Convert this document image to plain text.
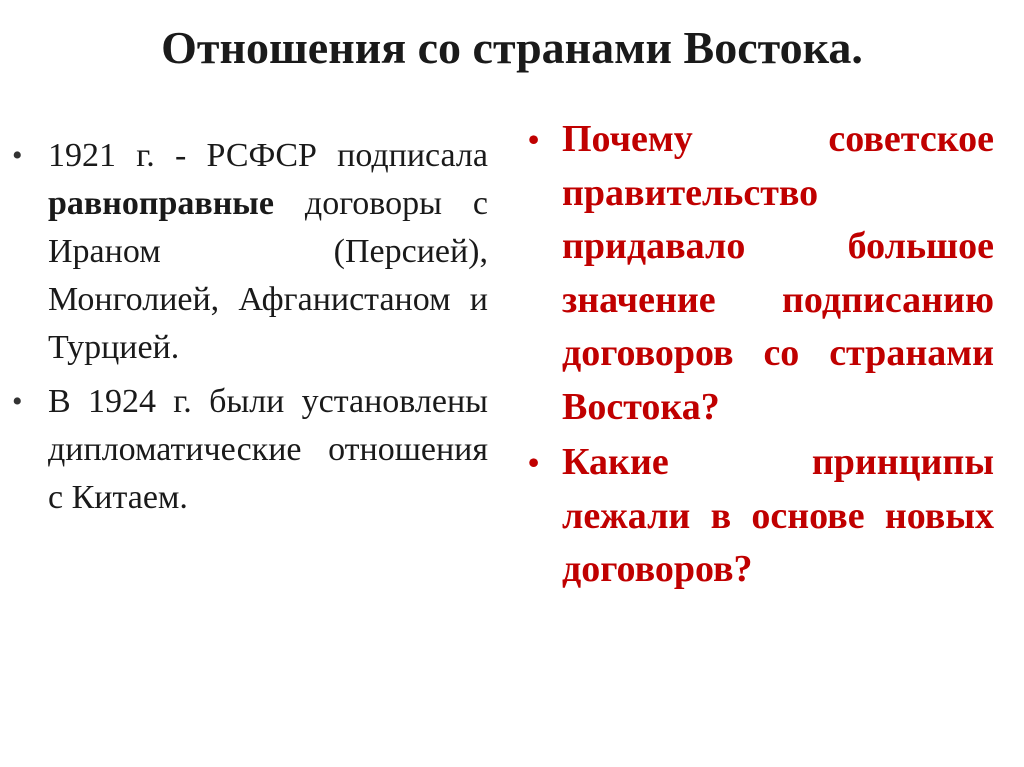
Отношения со странами Востока.
• 1921 г. - РСФСР подписала равноправные договоры с Ираном (Персией), Монголией, Афганистаном и Турцией.
• В 1924 г. были установлены дипломатические отношения с Китаем.
• Почему советское правительство придавало большое значение подписанию договоров со странами Востока?
• Какие принципы лежали в основе новых договоров?
